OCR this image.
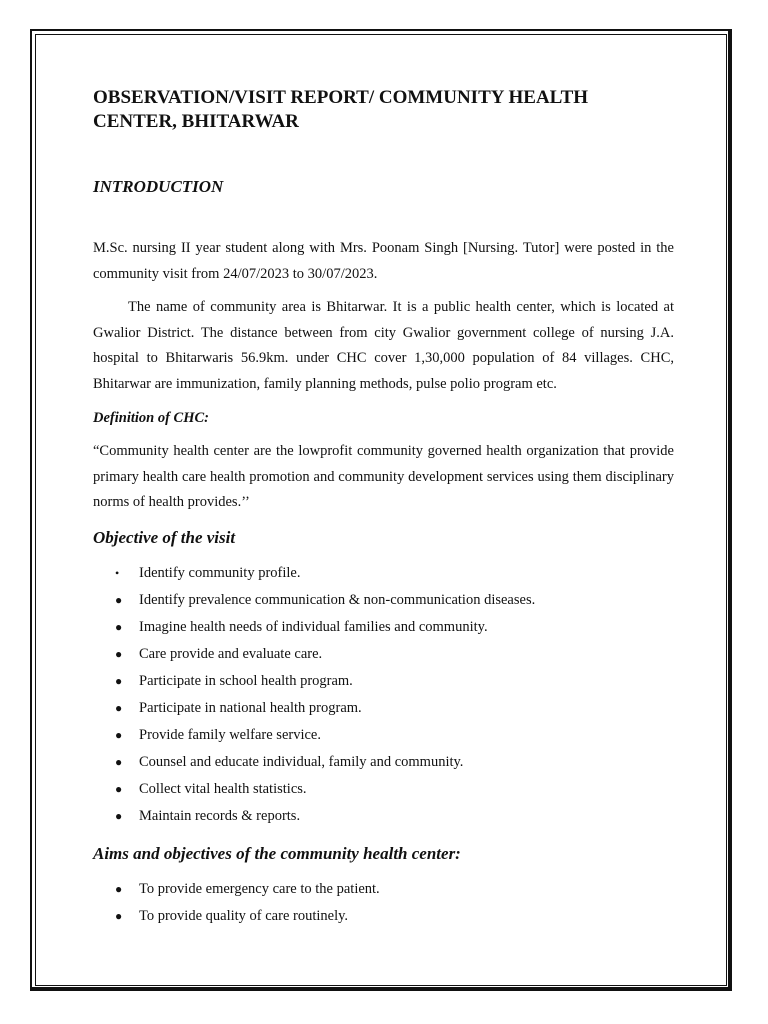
OBSERVATION/VISIT REPORT/ COMMUNITY HEALTH CENTER, BHITARWAR
INTRODUCTION

M.Sc. nursing II year student along with Mrs. Poonam Singh [Nursing. Tutor] were posted in the community visit from 24/07/2023 to 30/07/2023.

The name of community area is Bhitarwar. It is a public health center, which is located at Gwalior District. The distance between from city Gwalior government college of nursing J.A. hospital to Bhitarwaris 56.9km. under CHC cover 1,30,000 population of 84 villages. CHC, Bhitarwar are immunization, family planning methods, pulse polio program etc.

Definition of CHC:

“Community health center are the lowprofit community governed health organization that provide primary health care health promotion and community development services using them disciplinary norms of health provides.’’

Objective of the visit
• Identify community profile.
● Identify prevalence communication & non-communication diseases.
● Imagine health needs of individual families and community.
● Care provide and evaluate care.
● Participate in school health program.
● Participate in national health program.
● Provide family welfare service.
● Counsel and educate individual, family and community.
● Collect vital health statistics.
● Maintain records & reports.
Aims and objectives of the community health center:
● To provide emergency care to the patient.
● To provide quality of care routinely.
